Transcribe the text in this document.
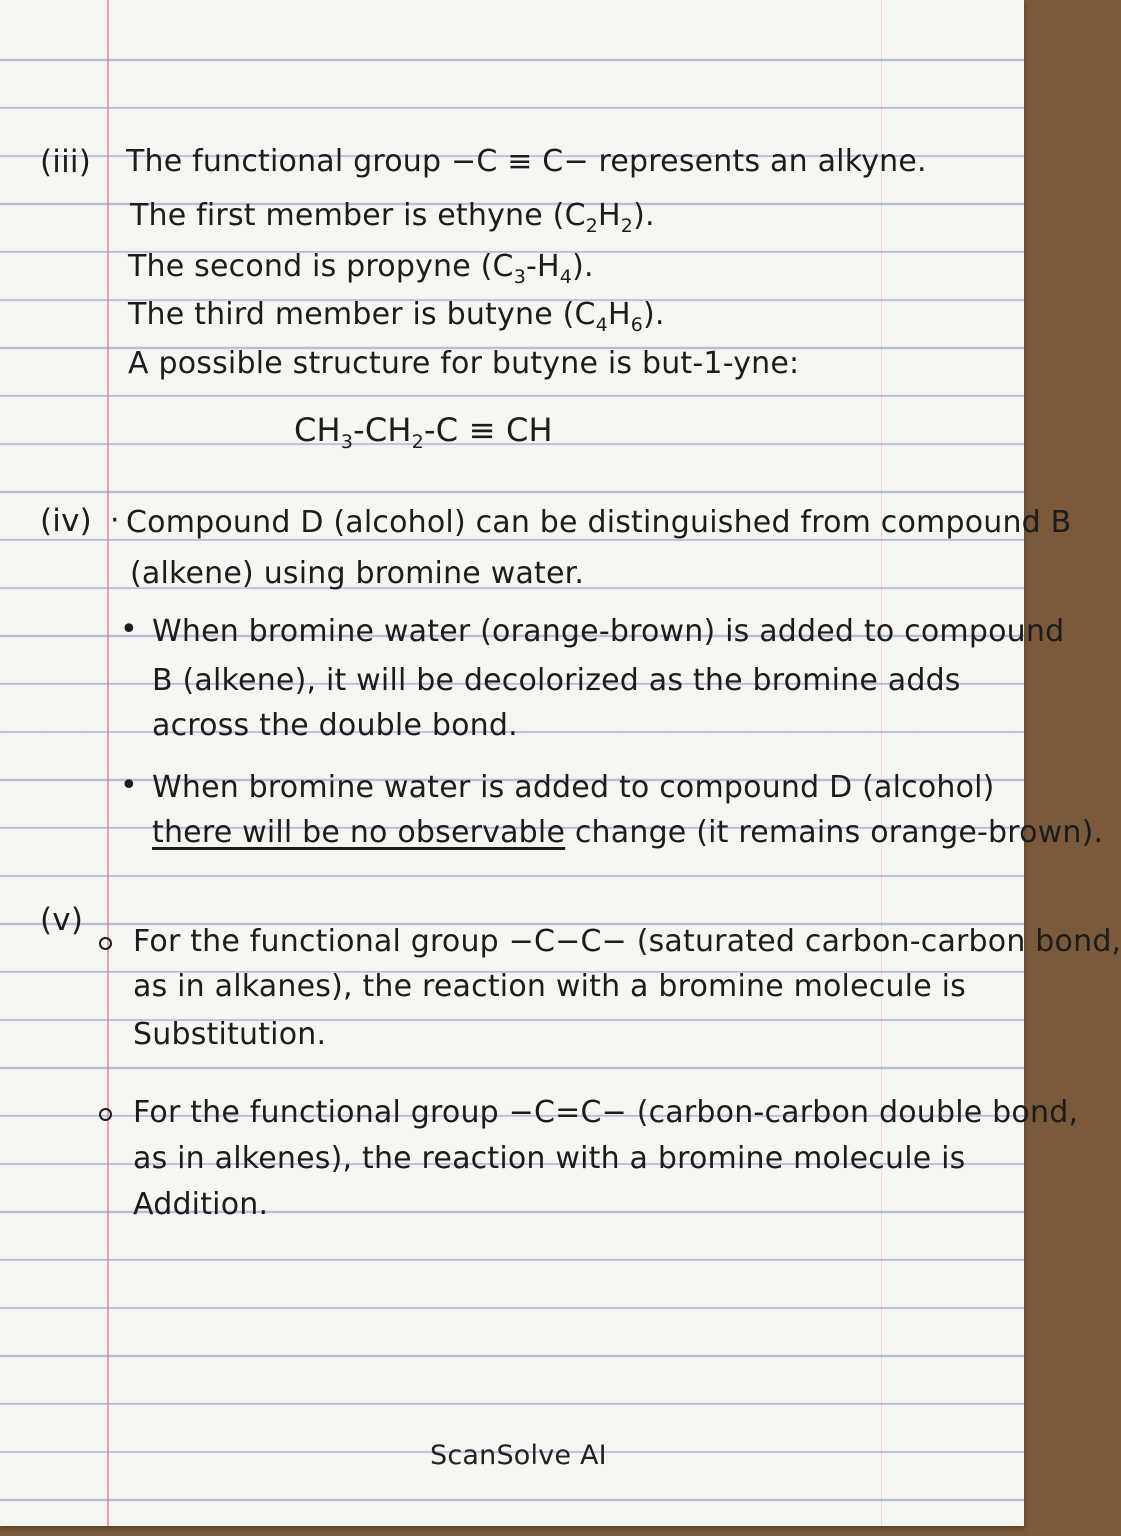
(iii) The functional group −C ≡ C− represents an alkyne.
The first member is ethyne $(C_2H_2)$.
The second is propyne $(C_3-H_4)$.
The third member is butyne $(C_4H_6)$.
A possible structure for butyne is but-1-yne:
$CH_3-CH_2-C$ ≡ CH
(iv) · Compound D (alcohol) can be distinguished from compound B
(alkene) using bromine water.
• When bromine water (orange-brown) is added to compound
B (alkene), it will be decolorized as the bromine adds
across the double bond.
• When bromine water is added to compound D (alcohol)
there will be no observable change (it remains orange-brown).
(v)
For the functional group −C−C− (saturated carbon-carbon bond,
as in alkanes), the reaction with a bromine molecule is
Substitution.
For the functional group −C=C− (carbon-carbon double bond,
as in alkenes), the reaction with a bromine molecule is
Addition.
ScanSolve AI
